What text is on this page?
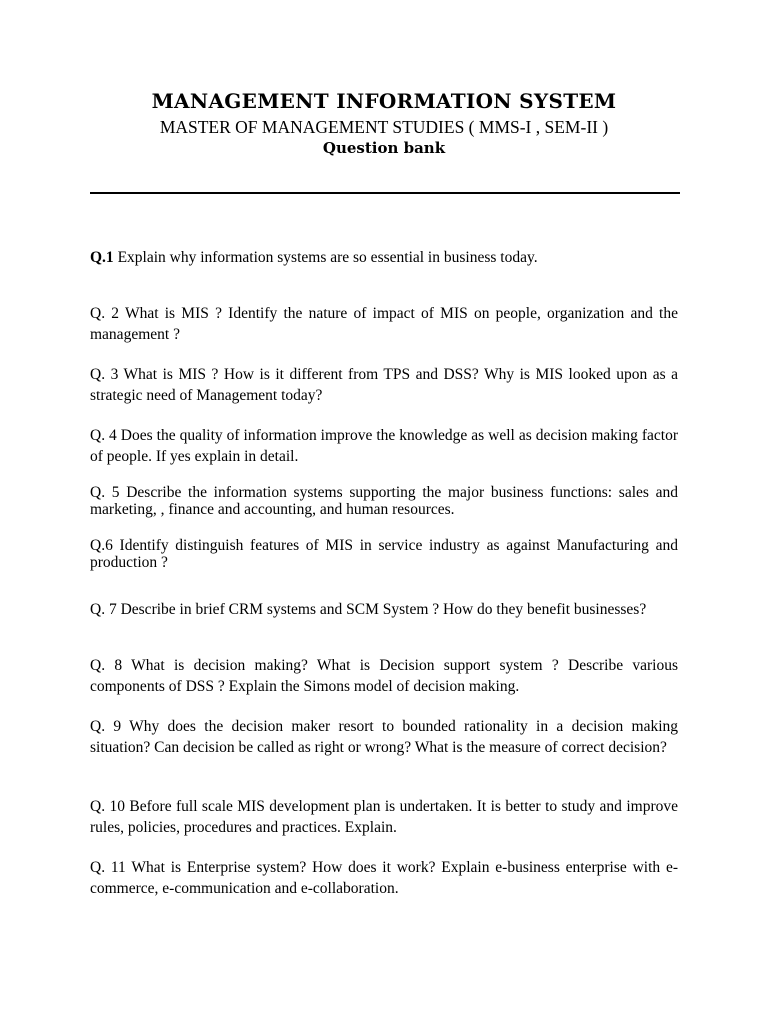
MANAGEMENT INFORMATION SYSTEM
MASTER OF MANAGEMENT STUDIES ( MMS-I , SEM-II )
Question bank
Q.1 Explain why information systems are so essential in business today.
Q. 2 What is MIS ? Identify the nature of impact of MIS on people, organization and the management ?
Q. 3 What is MIS ? How is it different from TPS and DSS? Why is MIS looked upon as a strategic need of Management today?
Q. 4 Does the quality of information improve the knowledge as well as decision making factor of people. If yes explain in detail.
Q. 5 Describe the information systems supporting the major business functions: sales and marketing, , finance and accounting, and human resources.
Q.6 Identify distinguish features of MIS in service industry as against Manufacturing and production ?
Q. 7 Describe in brief CRM systems and SCM System ? How do they benefit businesses?
Q. 8 What is decision making? What is Decision support system ? Describe various components of DSS ? Explain the Simons model of decision making.
Q. 9 Why does the decision maker resort to bounded rationality in a decision making situation? Can decision be called as right or wrong? What is the measure of correct decision?
Q. 10 Before full scale MIS development plan is undertaken. It is better to study and improve rules, policies, procedures and practices. Explain.
Q. 11 What is Enterprise system? How does it work? Explain e-business enterprise with e-commerce, e-communication and e-collaboration.
